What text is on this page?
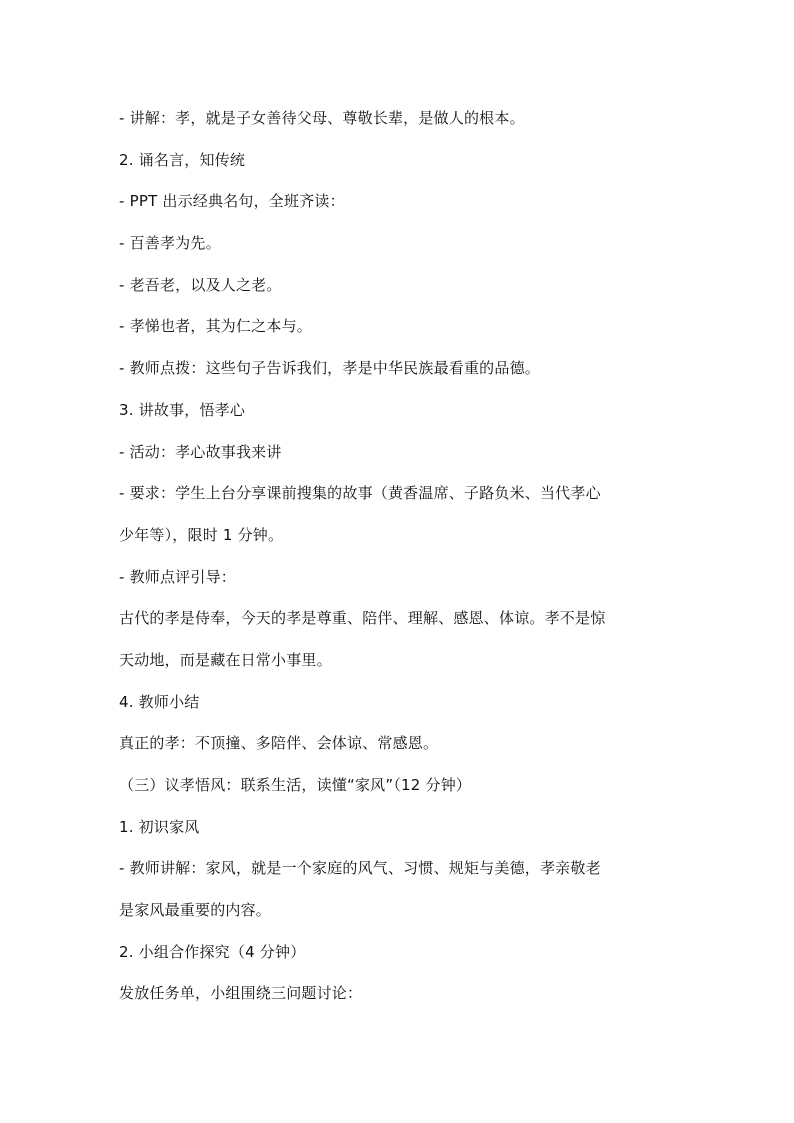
- 讲解：孝，就是子女善待父母、尊敬长辈，是做人的根本。
2. 诵名言，知传统
- PPT 出示经典名句，全班齐读：
- 百善孝为先。
- 老吾老，以及人之老。
- 孝悌也者，其为仁之本与。
- 教师点拨：这些句子告诉我们，孝是中华民族最看重的品德。
3. 讲故事，悟孝心
- 活动：孝心故事我来讲
- 要求：学生上台分享课前搜集的故事（黄香温席、子路负米、当代孝心
少年等），限时 1 分钟。
- 教师点评引导：
古代的孝是侍奉，今天的孝是尊重、陪伴、理解、感恩、体谅。孝不是惊
天动地，而是藏在日常小事里。
4. 教师小结
真正的孝：不顶撞、多陪伴、会体谅、常感恩。
（三）议孝悟风：联系生活，读懂“家风”（12 分钟）
1. 初识家风
- 教师讲解：家风，就是一个家庭的风气、习惯、规矩与美德，孝亲敬老
是家风最重要的内容。
2. 小组合作探究（4 分钟）
发放任务单，小组围绕三问题讨论：
